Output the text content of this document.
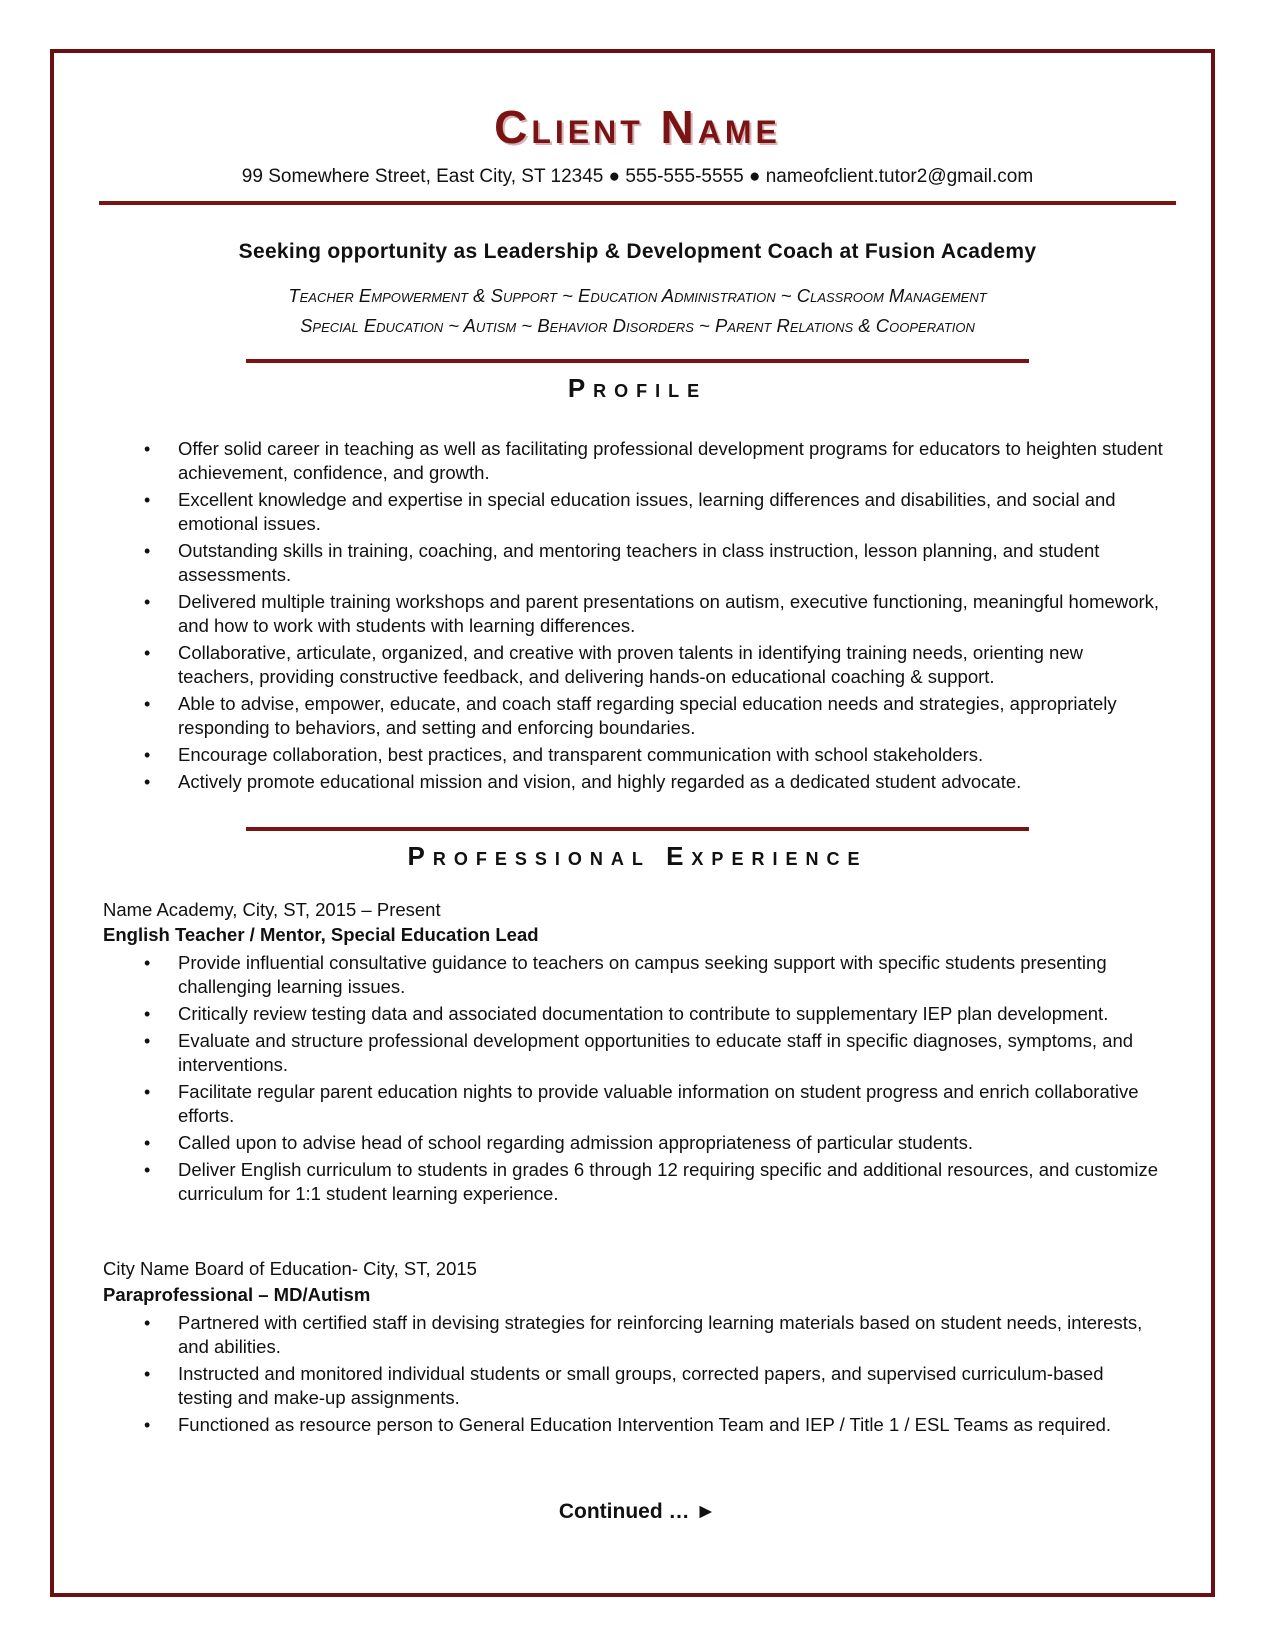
Client Name
99 Somewhere Street, East City, ST 12345 ● 555-555-5555 ● nameofclient.tutor2@gmail.com
Seeking opportunity as Leadership & Development Coach at Fusion Academy
Teacher Empowerment & Support ~ Education Administration ~ Classroom Management
Special Education ~ Autism ~ Behavior Disorders ~ Parent Relations & Cooperation
Profile
• Offer solid career in teaching as well as facilitating professional development programs for educators to heighten student achievement, confidence, and growth.
• Excellent knowledge and expertise in special education issues, learning differences and disabilities, and social and emotional issues.
• Outstanding skills in training, coaching, and mentoring teachers in class instruction, lesson planning, and student assessments.
• Delivered multiple training workshops and parent presentations on autism, executive functioning, meaningful homework, and how to work with students with learning differences.
• Collaborative, articulate, organized, and creative with proven talents in identifying training needs, orienting new teachers, providing constructive feedback, and delivering hands-on educational coaching & support.
• Able to advise, empower, educate, and coach staff regarding special education needs and strategies, appropriately responding to behaviors, and setting and enforcing boundaries.
• Encourage collaboration, best practices, and transparent communication with school stakeholders.
• Actively promote educational mission and vision, and highly regarded as a dedicated student advocate.
Professional Experience
Name Academy, City, ST, 2015 – Present
English Teacher / Mentor, Special Education Lead
• Provide influential consultative guidance to teachers on campus seeking support with specific students presenting challenging learning issues.
• Critically review testing data and associated documentation to contribute to supplementary IEP plan development.
• Evaluate and structure professional development opportunities to educate staff in specific diagnoses, symptoms, and interventions.
• Facilitate regular parent education nights to provide valuable information on student progress and enrich collaborative efforts.
• Called upon to advise head of school regarding admission appropriateness of particular students.
• Deliver English curriculum to students in grades 6 through 12 requiring specific and additional resources, and customize curriculum for 1:1 student learning experience.
City Name Board of Education- City, ST, 2015
Paraprofessional – MD/Autism
• Partnered with certified staff in devising strategies for reinforcing learning materials based on student needs, interests, and abilities.
• Instructed and monitored individual students or small groups, corrected papers, and supervised curriculum-based testing and make-up assignments.
• Functioned as resource person to General Education Intervention Team and IEP / Title 1 / ESL Teams as required.
Continued … ►
